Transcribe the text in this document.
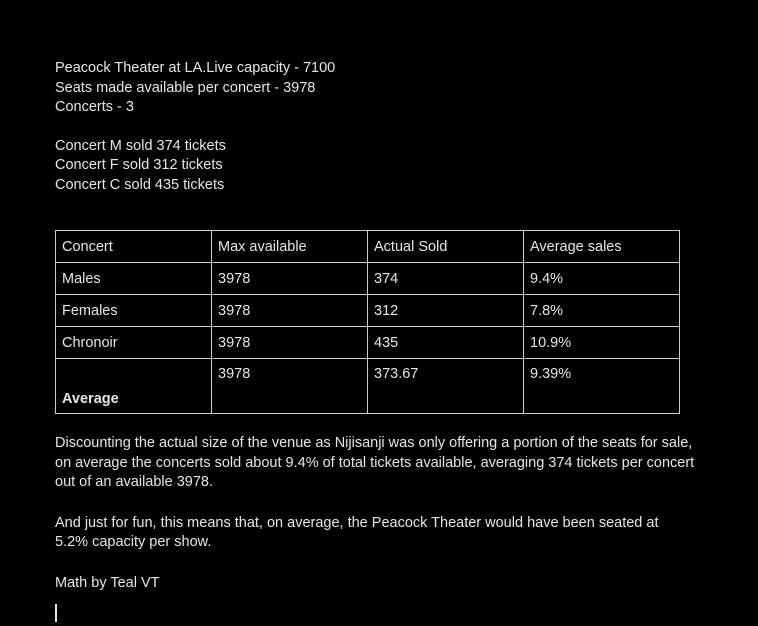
Peacock Theater at LA.Live capacity - 7100
Seats made available per concert - 3978
Concerts - 3
Concert M sold 374 tickets
Concert F sold 312 tickets
Concert C sold 435 tickets
Concert	Max available	Actual Sold	Average sales
Males	3978	374	9.4%
Females	3978	312	7.8%
Chronoir	3978	435	10.9%
Average	3978	373.67	9.39%
Discounting the actual size of the venue as Nijisanji was only offering a portion of the seats for sale, on average the concerts sold about 9.4% of total tickets available, averaging 374 tickets per concert out of an available 3978.
And just for fun, this means that, on average, the Peacock Theater would have been seated at 5.2% capacity per show.
Math by Teal VT
